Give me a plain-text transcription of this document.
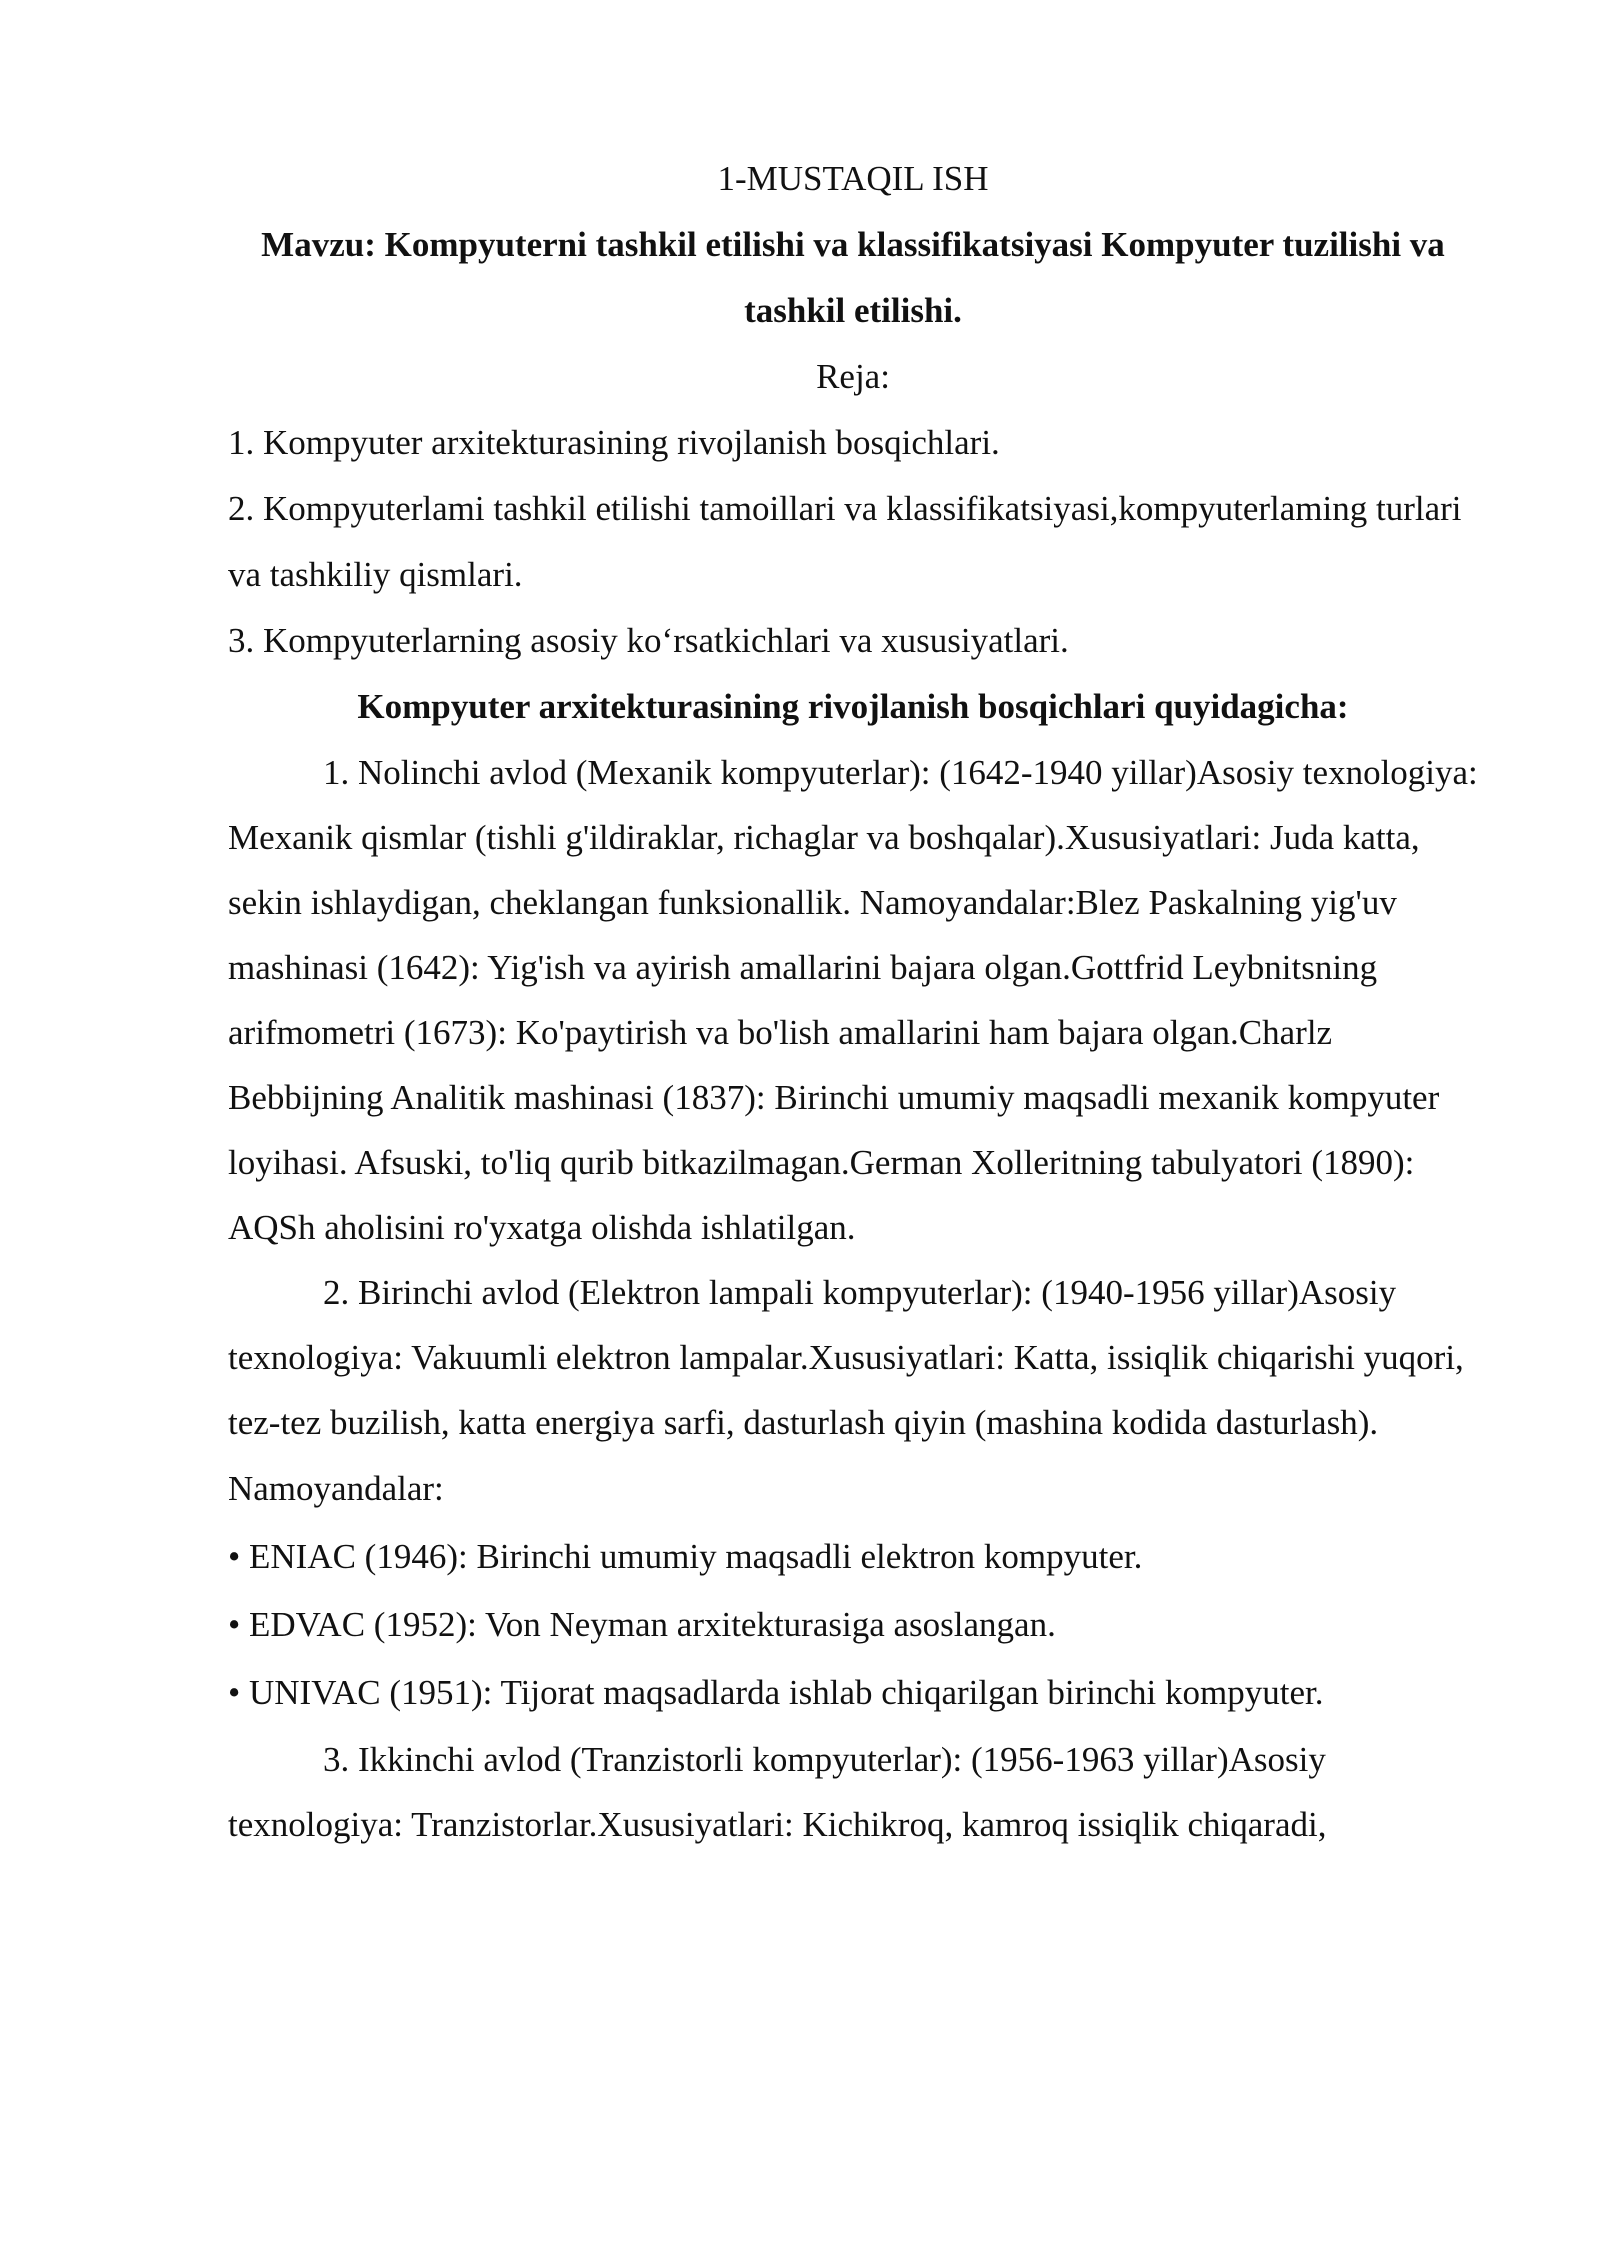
1-MUSTAQIL ISH

Mavzu: Kompyuterni tashkil etilishi va klassifikatsiyasi Kompyuter tuzilishi va tashkil etilishi.

Reja:

1. Kompyuter arxitekturasining rivojlanish bosqichlari.

2. Kompyuterlami tashkil etilishi tamoillari va klassifikatsiyasi,kompyuterlaming turlari va tashkiliy qismlari.

3. Kompyuterlarning asosiy ko‘rsatkichlari va xususiyatlari.

Kompyuter arxitekturasining rivojlanish bosqichlari quyidagicha:

1. Nolinchi avlod (Mexanik kompyuterlar): (1642-1940 yillar)Asosiy texnologiya: Mexanik qismlar (tishli g'ildiraklar, richaglar va boshqalar).Xususiyatlari: Juda katta, sekin ishlaydigan, cheklangan funksionallik. Namoyandalar:Blez Paskalning yig'uv mashinasi (1642): Yig'ish va ayirish amallarini bajara olgan.Gottfrid Leybnitsning arifmometri (1673): Ko'paytirish va bo'lish amallarini ham bajara olgan.Charlz Bebbijning Analitik mashinasi (1837): Birinchi umumiy maqsadli mexanik kompyuter loyihasi. Afsuski, to'liq qurib bitkazilmagan.German Xolleritning tabulyatori (1890): AQSh aholisini ro'yxatga olishda ishlatilgan.

2. Birinchi avlod (Elektron lampali kompyuterlar): (1940-1956 yillar)Asosiy texnologiya: Vakuumli elektron lampalar.Xususiyatlari: Katta, issiqlik chiqarishi yuqori, tez-tez buzilish, katta energiya sarfi, dasturlash qiyin (mashina kodida dasturlash).

Namoyandalar:

• ENIAC (1946): Birinchi umumiy maqsadli elektron kompyuter.

• EDVAC (1952): Von Neyman arxitekturasiga asoslangan.

• UNIVAC (1951): Tijorat maqsadlarda ishlab chiqarilgan birinchi kompyuter.

3. Ikkinchi avlod (Tranzistorli kompyuterlar): (1956-1963 yillar)Asosiy texnologiya: Tranzistorlar.Xususiyatlari: Kichikroq, kamroq issiqlik chiqaradi,
